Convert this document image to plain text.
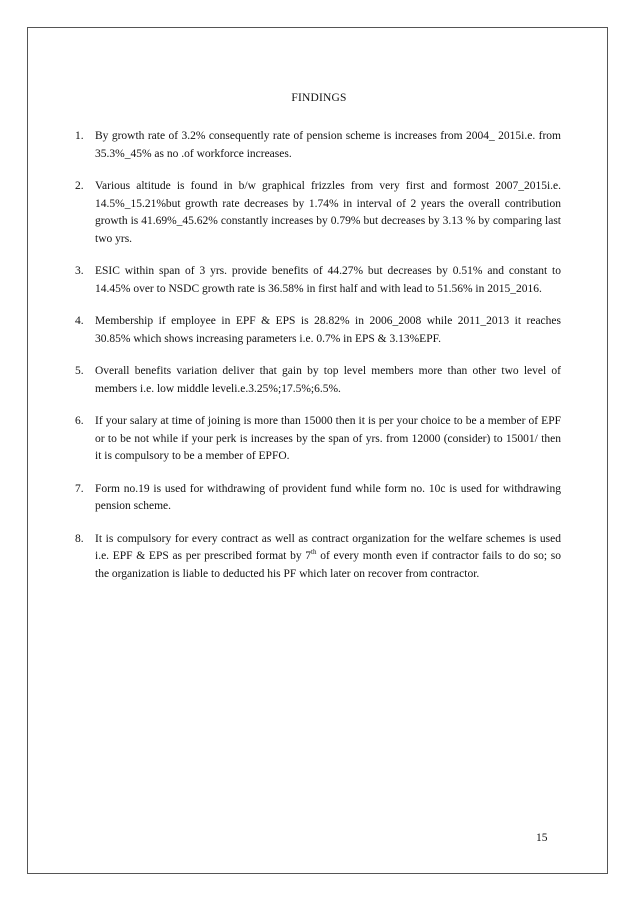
FINDINGS
1. By growth rate of 3.2% consequently rate of pension scheme is increases from 2004_ 2015i.e. from 35.3%_45% as no .of workforce increases.
2. Various altitude is found in b/w graphical frizzles from very first and formost 2007_2015i.e. 14.5%_15.21%but growth rate decreases by 1.74% in interval of 2 years the overall contribution growth is 41.69%_45.62% constantly increases by 0.79% but decreases by 3.13 % by comparing last two yrs.
3. ESIC within span of 3 yrs. provide benefits of 44.27% but decreases by 0.51% and constant to 14.45% over to NSDC growth rate is 36.58% in first half and with lead to 51.56% in 2015_2016.
4. Membership if employee in EPF & EPS is 28.82% in 2006_2008 while 2011_2013 it reaches 30.85% which shows increasing parameters i.e. 0.7% in EPS & 3.13%EPF.
5. Overall benefits variation deliver that gain by top level members more than other two level of members i.e. low middle leveli.e.3.25%;17.5%;6.5%.
6. If your salary at time of joining is more than 15000 then it is per your choice to be a member of EPF or to be not while if your perk is increases by the span of yrs. from 12000 (consider) to 15001/ then it is compulsory to be a member of EPFO.
7. Form no.19 is used for withdrawing of provident fund while form no. 10c is used for withdrawing pension scheme.
8. It is compulsory for every contract as well as contract organization for the welfare schemes is used i.e. EPF & EPS as per prescribed format by 7th of every month even if contractor fails to do so; so the organization is liable to deducted his PF which later on recover from contractor.
15
